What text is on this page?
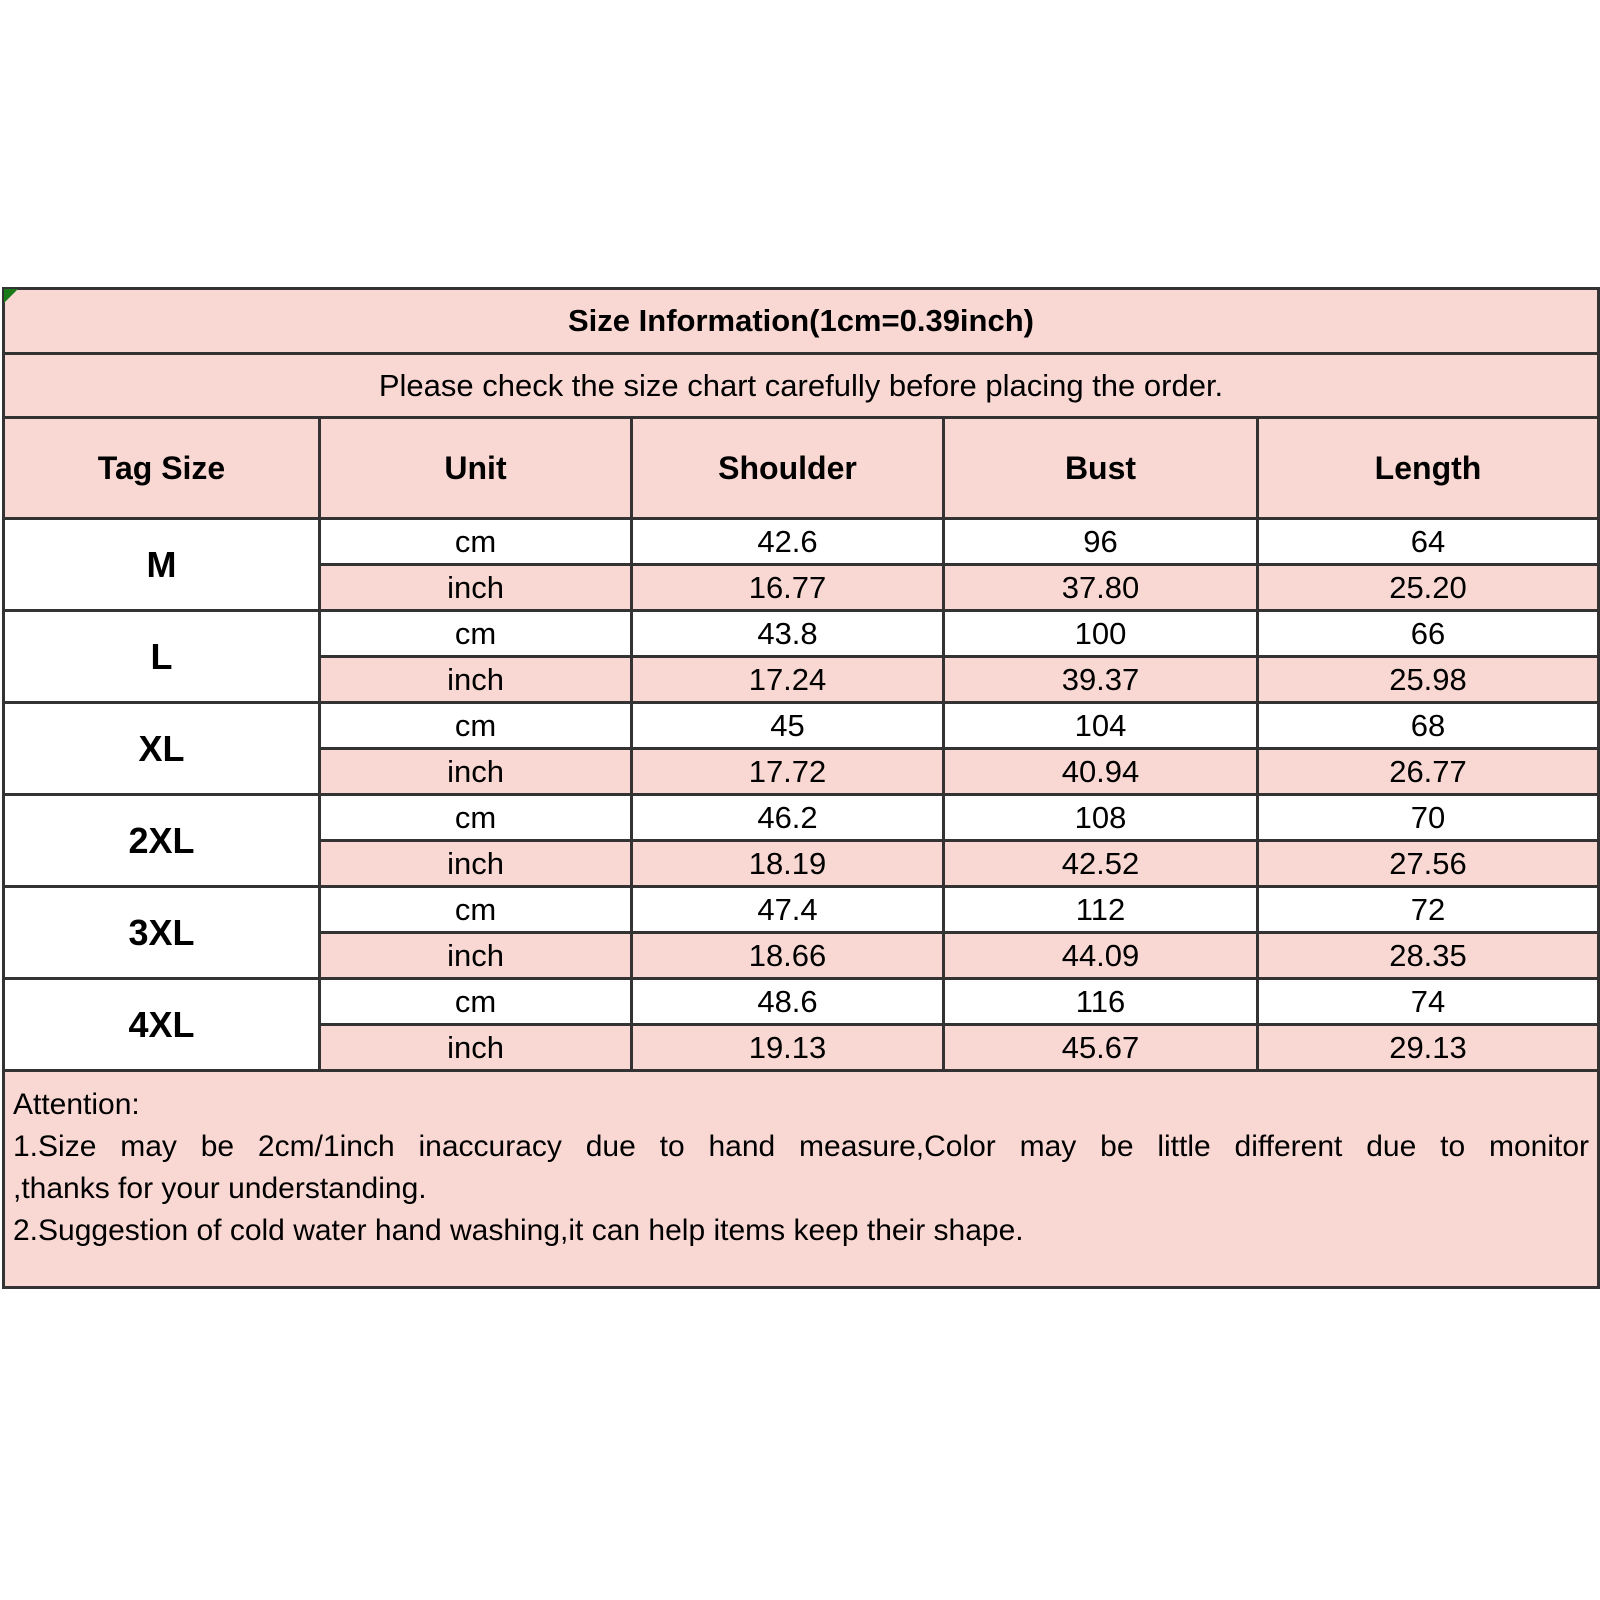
Size Information(1cm=0.39inch)				
Please check the size chart carefully before placing the order.				
Tag Size	Unit	Shoulder	Bust	Length
M	cm	42.6	96	64
	inch	16.77	37.80	25.20
L	cm	43.8	100	66
	inch	17.24	39.37	25.98
XL	cm	45	104	68
	inch	17.72	40.94	26.77
2XL	cm	46.2	108	70
	inch	18.19	42.52	27.56
3XL	cm	47.4	112	72
	inch	18.66	44.09	28.35
4XL	cm	48.6	116	74
	inch	19.13	45.67	29.13

Attention:
1.Size may be 2cm/1inch inaccuracy due to hand measure,Color may be little different due to monitor
,thanks for your understanding.
2.Suggestion of cold water hand washing,it can help items keep their shape.				
